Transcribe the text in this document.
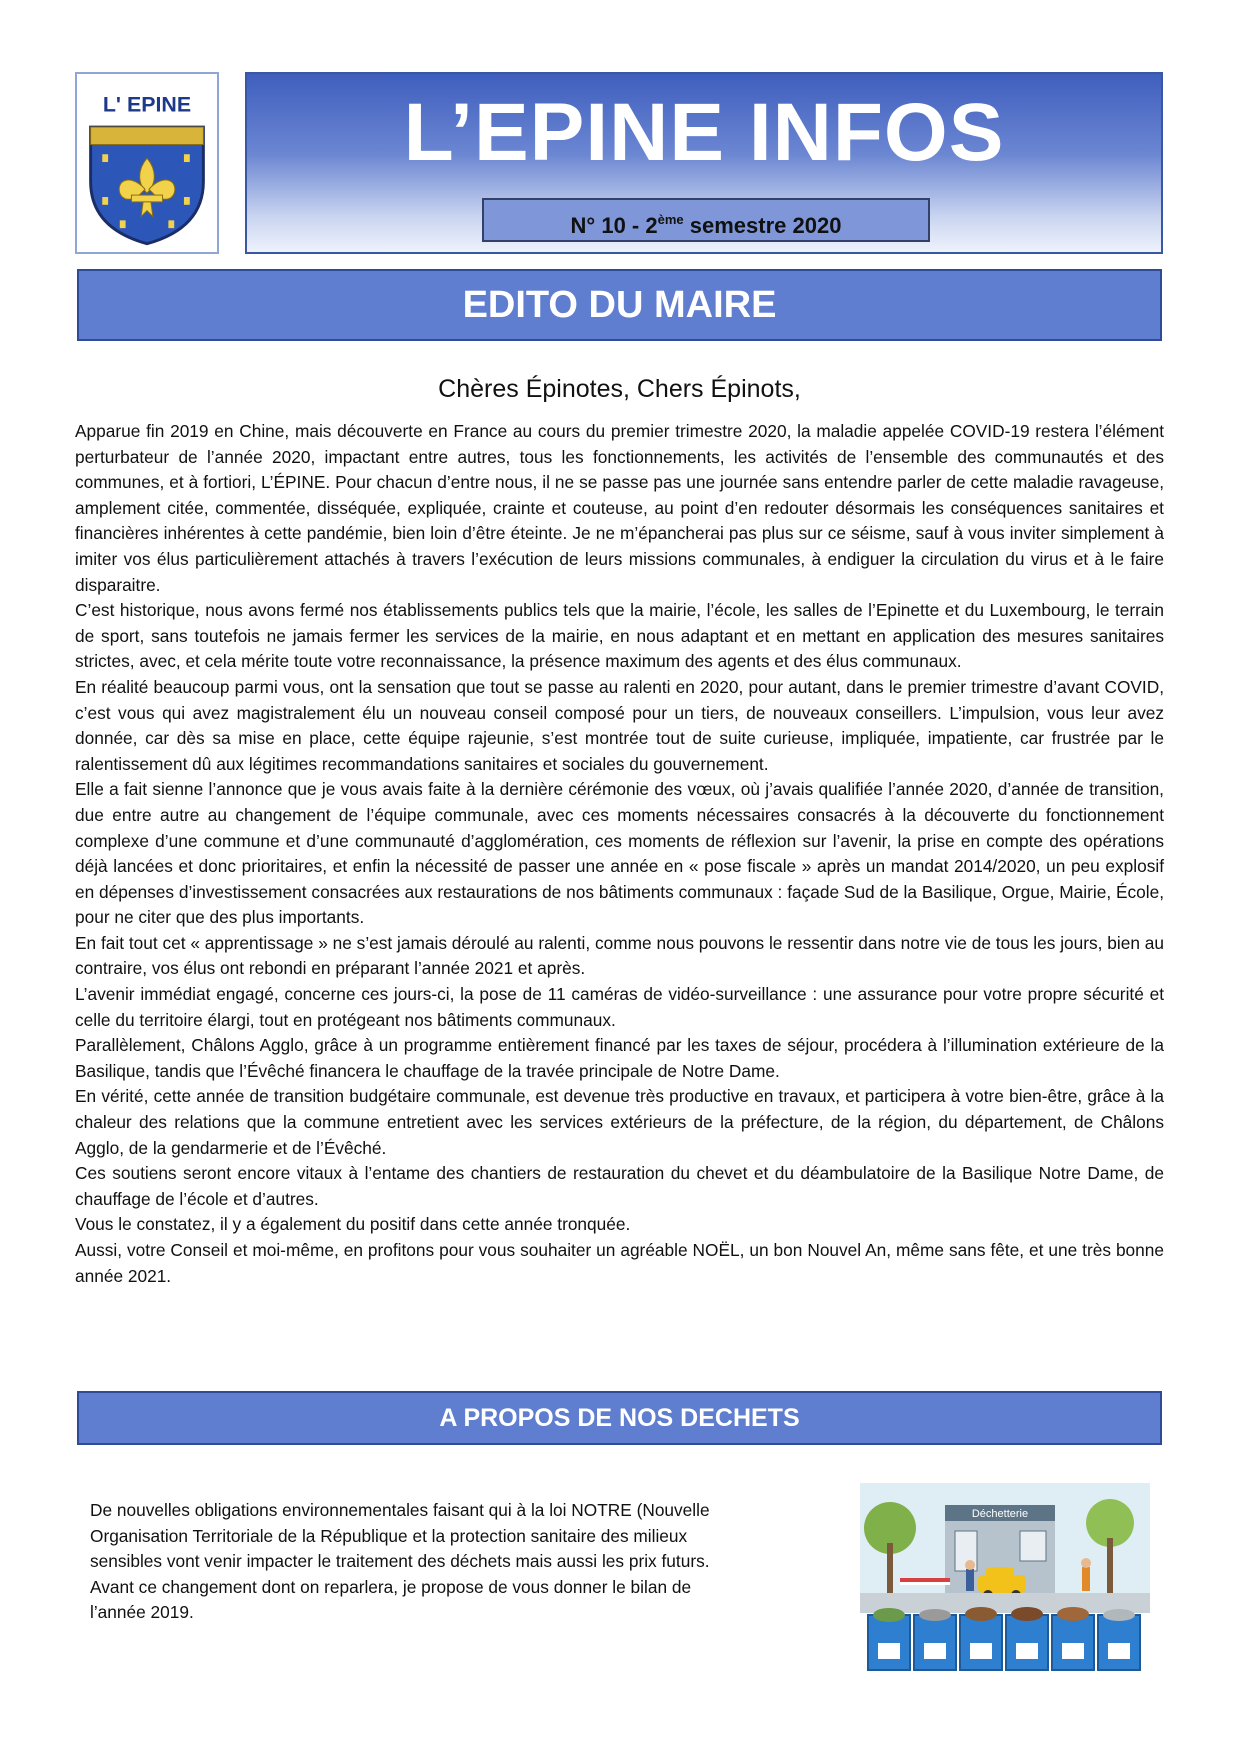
L' EPINE	L’EPINE INFOS
N° 10 - 2ème semestre 2020
EDITO DU MAIRE
Chères Épinotes, Chers Épinots,

Apparue fin 2019 en Chine, mais découverte en France au cours du premier trimestre 2020, la maladie appelée COVID-19 restera l’élément perturbateur de l’année 2020, impactant entre autres, tous les fonctionnements, les activités de l’ensemble des communautés et des communes, et à fortiori, L’ÉPINE. Pour chacun d’entre nous, il ne se passe pas une journée sans entendre parler de cette maladie ravageuse, amplement citée, commentée, disséquée, expliquée, crainte et couteuse, au point d’en redouter désormais les conséquences sanitaires et financières inhérentes à cette pandémie, bien loin d’être éteinte. Je ne m’épancherai pas plus sur ce séisme, sauf à vous inviter simplement à imiter vos élus particulièrement attachés à travers l’exécution de leurs missions communales, à endiguer la circulation du virus et à le faire disparaitre.

C’est historique, nous avons fermé nos établissements publics tels que la mairie, l’école, les salles de l’Epinette et du Luxembourg, le terrain de sport, sans toutefois ne jamais fermer les services de la mairie, en nous adaptant et en mettant en application des mesures sanitaires strictes, avec, et cela mérite toute votre reconnaissance, la présence maximum des agents et des élus communaux.

En réalité beaucoup parmi vous, ont la sensation que tout se passe au ralenti en 2020, pour autant, dans le premier trimestre d’avant COVID, c’est vous qui avez magistralement élu un nouveau conseil composé pour un tiers, de nouveaux conseillers. L’impulsion, vous leur avez donnée, car dès sa mise en place, cette équipe rajeunie, s’est montrée tout de suite curieuse, impliquée, impatiente, car frustrée par le ralentissement dû aux légitimes recommandations sanitaires et sociales du gouvernement.

Elle a fait sienne l’annonce que je vous avais faite à la dernière cérémonie des vœux, où j’avais qualifiée l’année 2020, d’année de transition, due entre autre au changement de l’équipe communale, avec ces moments nécessaires consacrés à la découverte du fonctionnement complexe d’une commune et d’une communauté d’agglomération, ces moments de réflexion sur l’avenir, la prise en compte des opérations déjà lancées et donc prioritaires, et enfin la nécessité de passer une année en « pose fiscale » après un mandat 2014/2020, un peu explosif en dépenses d’investissement consacrées aux restaurations de nos bâtiments communaux : façade Sud de la Basilique, Orgue, Mairie, École, pour ne citer que des plus importants.

En fait tout cet « apprentissage » ne s’est jamais déroulé au ralenti, comme nous pouvons le ressentir dans notre vie de tous les jours, bien au contraire, vos élus ont rebondi en préparant l’année 2021 et après.

L’avenir immédiat engagé, concerne ces jours-ci, la pose de 11 caméras de vidéo-surveillance : une assurance pour votre propre sécurité et celle du territoire élargi, tout en protégeant nos bâtiments communaux.

Parallèlement, Châlons Agglo, grâce à un programme entièrement financé par les taxes de séjour, procédera à l’illumination extérieure de la Basilique, tandis que l’Évêché financera le chauffage de la travée principale de Notre Dame.

En vérité, cette année de transition budgétaire communale, est devenue très productive en travaux, et participera à votre bien-être, grâce à la chaleur des relations que la commune entretient avec les services extérieurs de la préfecture, de la région, du département, de Châlons Agglo, de la gendarmerie et de l’Évêché.

Ces soutiens seront encore vitaux à l’entame des chantiers de restauration du chevet et du déambulatoire de la Basilique Notre Dame, de chauffage de l’école et d’autres.

Vous le constatez, il y a également du positif dans cette année tronquée.

Aussi, votre Conseil et moi-même, en profitons pour vous souhaiter un agréable NOËL, un bon Nouvel An, même sans fête, et une très bonne année 2021.

A PROPOS DE NOS DECHETS

De nouvelles obligations environnementales faisant qui à la loi NOTRE (Nouvelle

Organisation Territoriale de la République et la protection sanitaire des milieux

sensibles vont venir impacter le traitement des déchets mais aussi les prix futurs.

Avant ce changement dont on reparlera, je propose de vous donner le bilan de

l’année 2019.

Déchetterie
